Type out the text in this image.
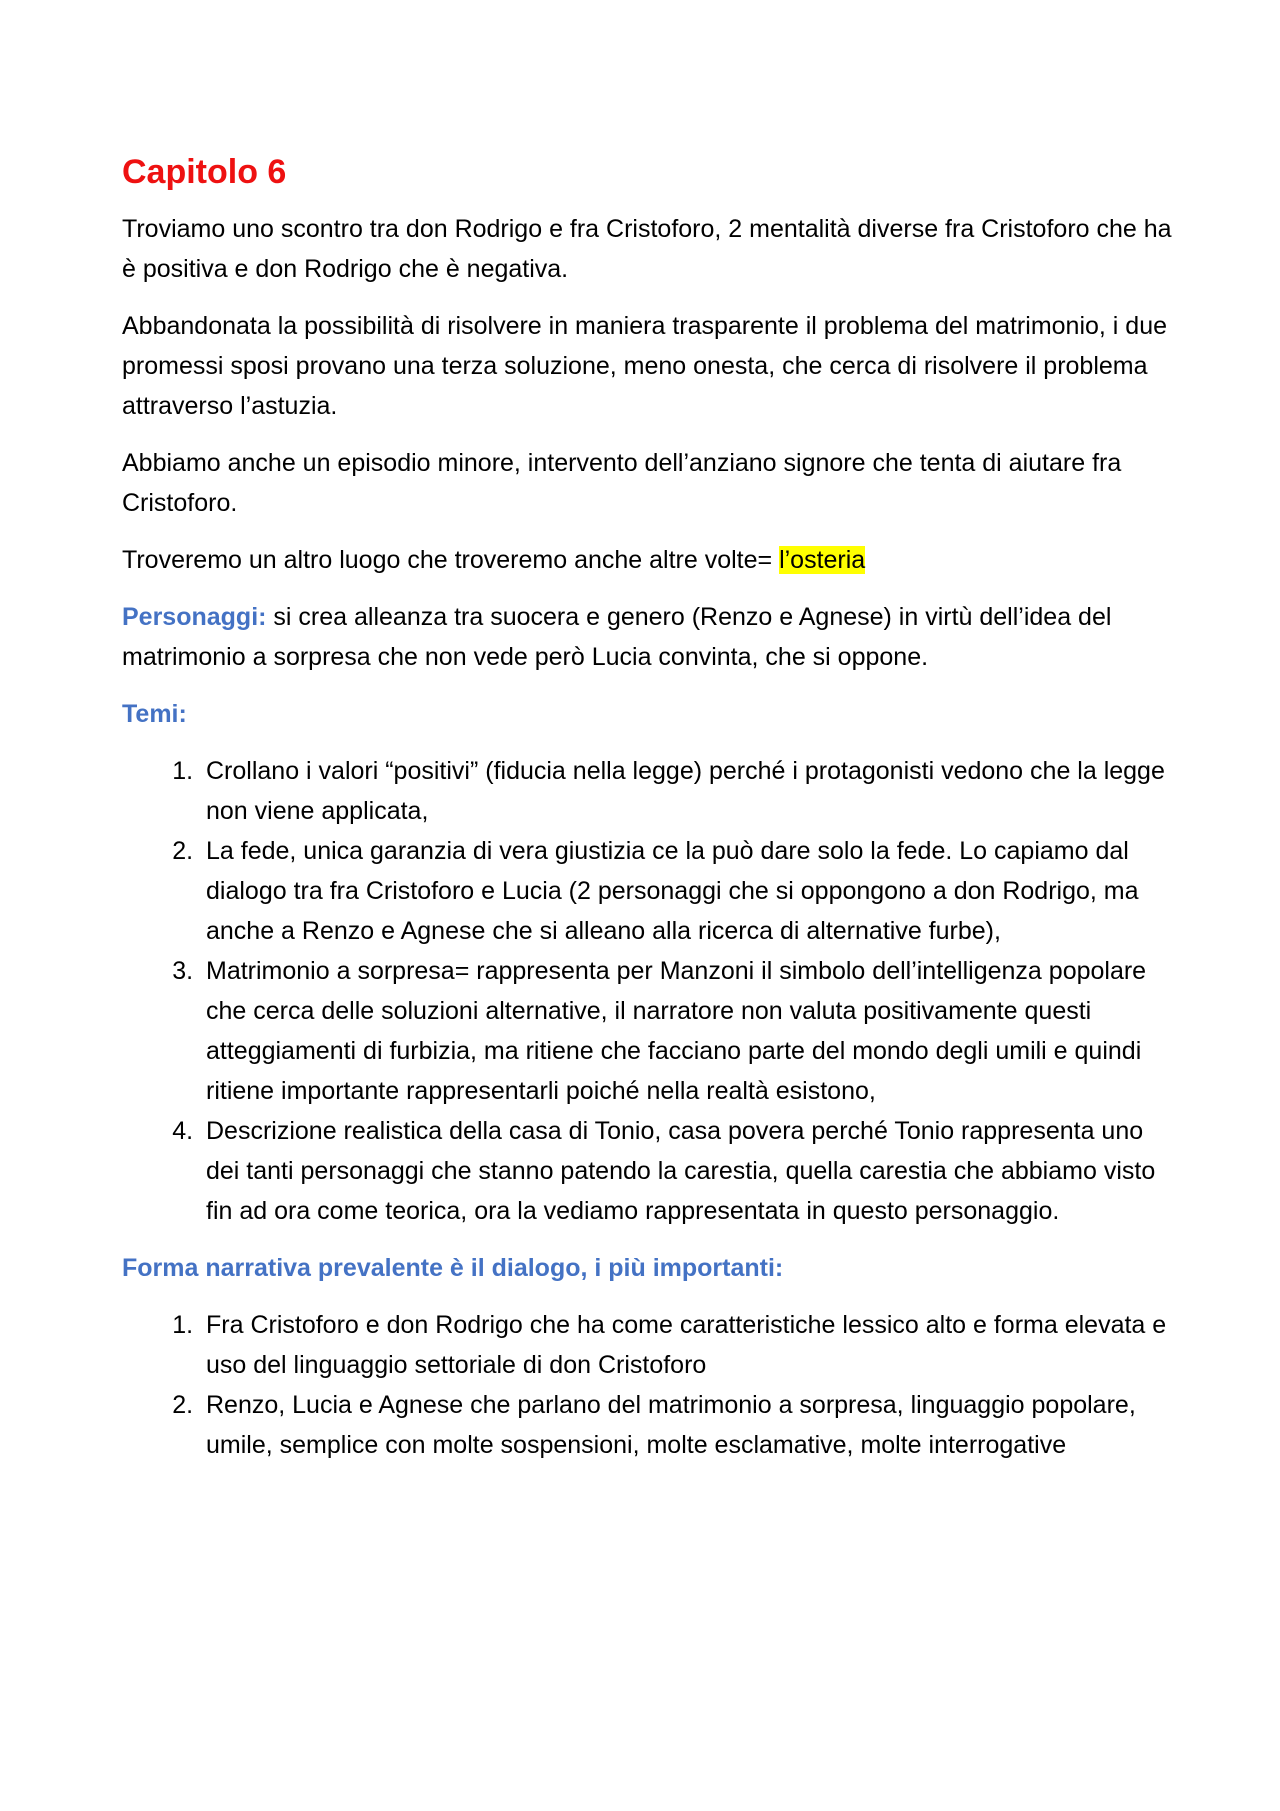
Capitolo 6

Troviamo uno scontro tra don Rodrigo e fra Cristoforo, 2 mentalità diverse fra Cristoforo che ha è positiva e don Rodrigo che è negativa.

Abbandonata la possibilità di risolvere in maniera trasparente il problema del matrimonio, i due promessi sposi provano una terza soluzione, meno onesta, che cerca di risolvere il problema attraverso l’astuzia.

Abbiamo anche un episodio minore, intervento dell’anziano signore che tenta di aiutare fra Cristoforo.

Troveremo un altro luogo che troveremo anche altre volte= l’osteria

Personaggi: si crea alleanza tra suocera e genero (Renzo e Agnese) in virtù dell’idea del matrimonio a sorpresa che non vede però Lucia convinta, che si oppone.

Temi:
1. Crollano i valori “positivi” (fiducia nella legge) perché i protagonisti vedono che la legge non viene applicata,
2. La fede, unica garanzia di vera giustizia ce la può dare solo la fede. Lo capiamo dal dialogo tra fra Cristoforo e Lucia (2 personaggi che si oppongono a don Rodrigo, ma anche a Renzo e Agnese che si alleano alla ricerca di alternative furbe),
3. Matrimonio a sorpresa= rappresenta per Manzoni il simbolo dell’intelligenza popolare che cerca delle soluzioni alternative, il narratore non valuta positivamente questi atteggiamenti di furbizia, ma ritiene che facciano parte del mondo degli umili e quindi ritiene importante rappresentarli poiché nella realtà esistono,
4. Descrizione realistica della casa di Tonio, casa povera perché Tonio rappresenta uno dei tanti personaggi che stanno patendo la carestia, quella carestia che abbiamo visto fin ad ora come teorica, ora la vediamo rappresentata in questo personaggio.
Forma narrativa prevalente è il dialogo, i più importanti:
1. Fra Cristoforo e don Rodrigo che ha come caratteristiche lessico alto e forma elevata e uso del linguaggio settoriale di don Cristoforo
2. Renzo, Lucia e Agnese che parlano del matrimonio a sorpresa, linguaggio popolare, umile, semplice con molte sospensioni, molte esclamative, molte interrogative
